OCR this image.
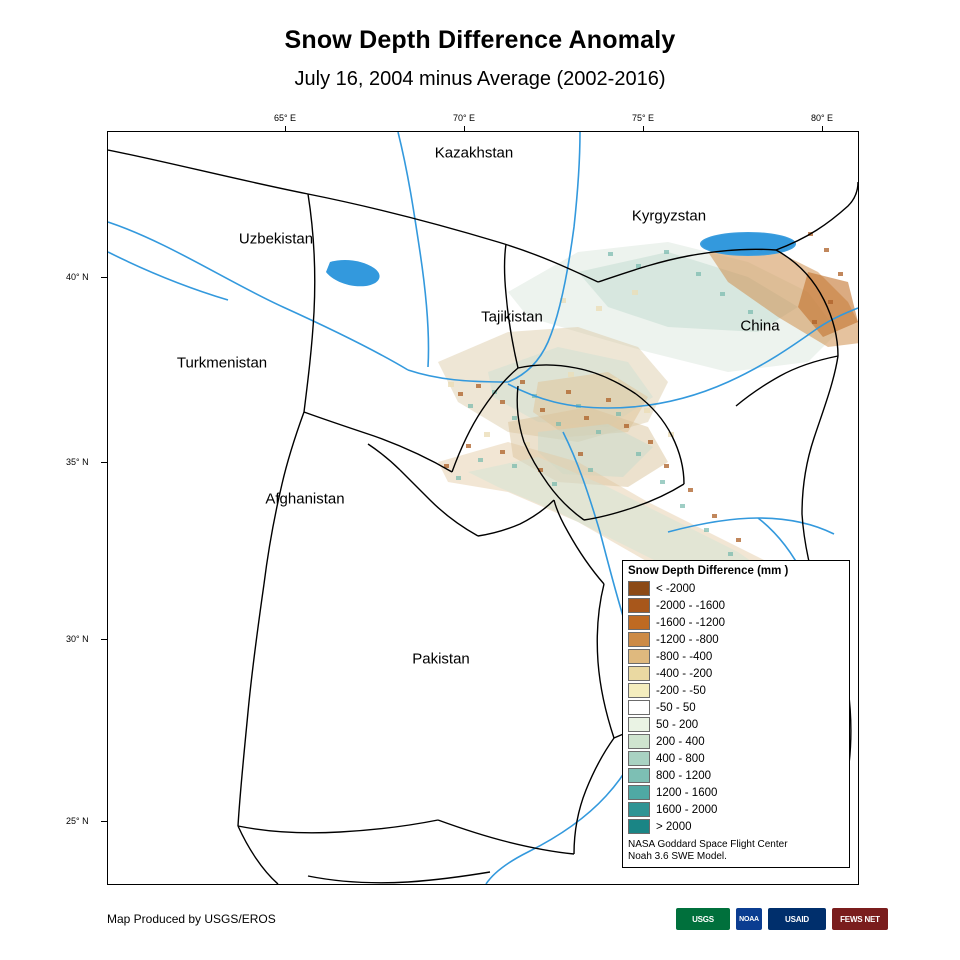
Snow Depth Difference Anomaly
July 16, 2004 minus Average (2002-2016)
65° E	70° E	75° E	80° E
40° N
35° N
30° N
25° N
Kazakhstan
Uzbekistan
Kyrgyzstan
Tajikistan
China
Turkmenistan
Afghanistan
Pakistan
Snow Depth Difference (mm )
< -2000
-2000 - -1600
-1600 - -1200
-1200 - -800
-800 - -400
-400 - -200
-200 - -50
-50 - 50
50 - 200
200 - 400
400 - 800
800 - 1200
1200 - 1600
1600 - 2000
> 2000
NASA Goddard Space Flight Center
Noah 3.6 SWE Model.
Map Produced by USGS/EROS	USGS	NOAA	USAID	FEWS NET
